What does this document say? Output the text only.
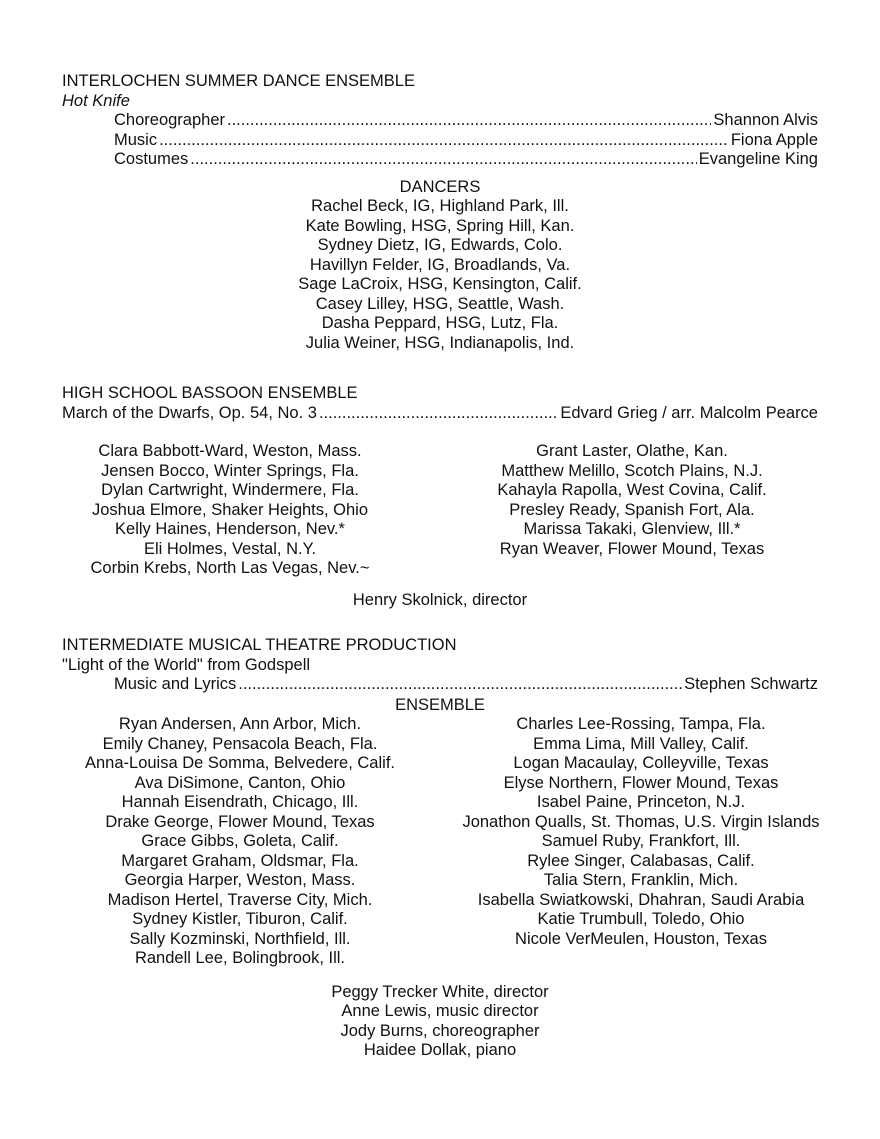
INTERLOCHEN SUMMER DANCE ENSEMBLE
Hot Knife
Choreographer .....	Shannon Alvis
Music .....	Fiona Apple
Costumes .....	Evangeline King
DANCERS
Rachel Beck, IG, Highland Park, Ill.
Kate Bowling, HSG, Spring Hill, Kan.
Sydney Dietz, IG, Edwards, Colo.
Havillyn Felder, IG, Broadlands, Va.
Sage LaCroix, HSG, Kensington, Calif.
Casey Lilley, HSG, Seattle, Wash.
Dasha Peppard, HSG, Lutz, Fla.
Julia Weiner, HSG, Indianapolis, Ind.
HIGH SCHOOL BASSOON ENSEMBLE
March of the Dwarfs, Op. 54, No. 3 .....	Edvard Grieg / arr. Malcolm Pearce
Clara Babbott-Ward, Weston, Mass.
Jensen Bocco, Winter Springs, Fla.
Dylan Cartwright, Windermere, Fla.
Joshua Elmore, Shaker Heights, Ohio
Kelly Haines, Henderson, Nev.*
Eli Holmes, Vestal, N.Y.
Corbin Krebs, North Las Vegas, Nev.~
Grant Laster, Olathe, Kan.
Matthew Melillo, Scotch Plains, N.J.
Kahayla Rapolla, West Covina, Calif.
Presley Ready, Spanish Fort, Ala.
Marissa Takaki, Glenview, Ill.*
Ryan Weaver, Flower Mound, Texas
Henry Skolnick, director
INTERMEDIATE MUSICAL THEATRE PRODUCTION
"Light of the World" from Godspell
Music and Lyrics .....	Stephen Schwartz
ENSEMBLE
Ryan Andersen, Ann Arbor, Mich.
Emily Chaney, Pensacola Beach, Fla.
Anna-Louisa De Somma, Belvedere, Calif.
Ava DiSimone, Canton, Ohio
Hannah Eisendrath, Chicago, Ill.
Drake George, Flower Mound, Texas
Grace Gibbs, Goleta, Calif.
Margaret Graham, Oldsmar, Fla.
Georgia Harper, Weston, Mass.
Madison Hertel, Traverse City, Mich.
Sydney Kistler, Tiburon, Calif.
Sally Kozminski, Northfield, Ill.
Randell Lee, Bolingbrook, Ill.
Charles Lee-Rossing, Tampa, Fla.
Emma Lima, Mill Valley, Calif.
Logan Macaulay, Colleyville, Texas
Elyse Northern, Flower Mound, Texas
Isabel Paine, Princeton, N.J.
Jonathon Qualls, St. Thomas, U.S. Virgin Islands
Samuel Ruby, Frankfort, Ill.
Rylee Singer, Calabasas, Calif.
Talia Stern, Franklin, Mich.
Isabella Swiatkowski, Dhahran, Saudi Arabia
Katie Trumbull, Toledo, Ohio
Nicole VerMeulen, Houston, Texas
Peggy Trecker White, director
Anne Lewis, music director
Jody Burns, choreographer
Haidee Dollak, piano
